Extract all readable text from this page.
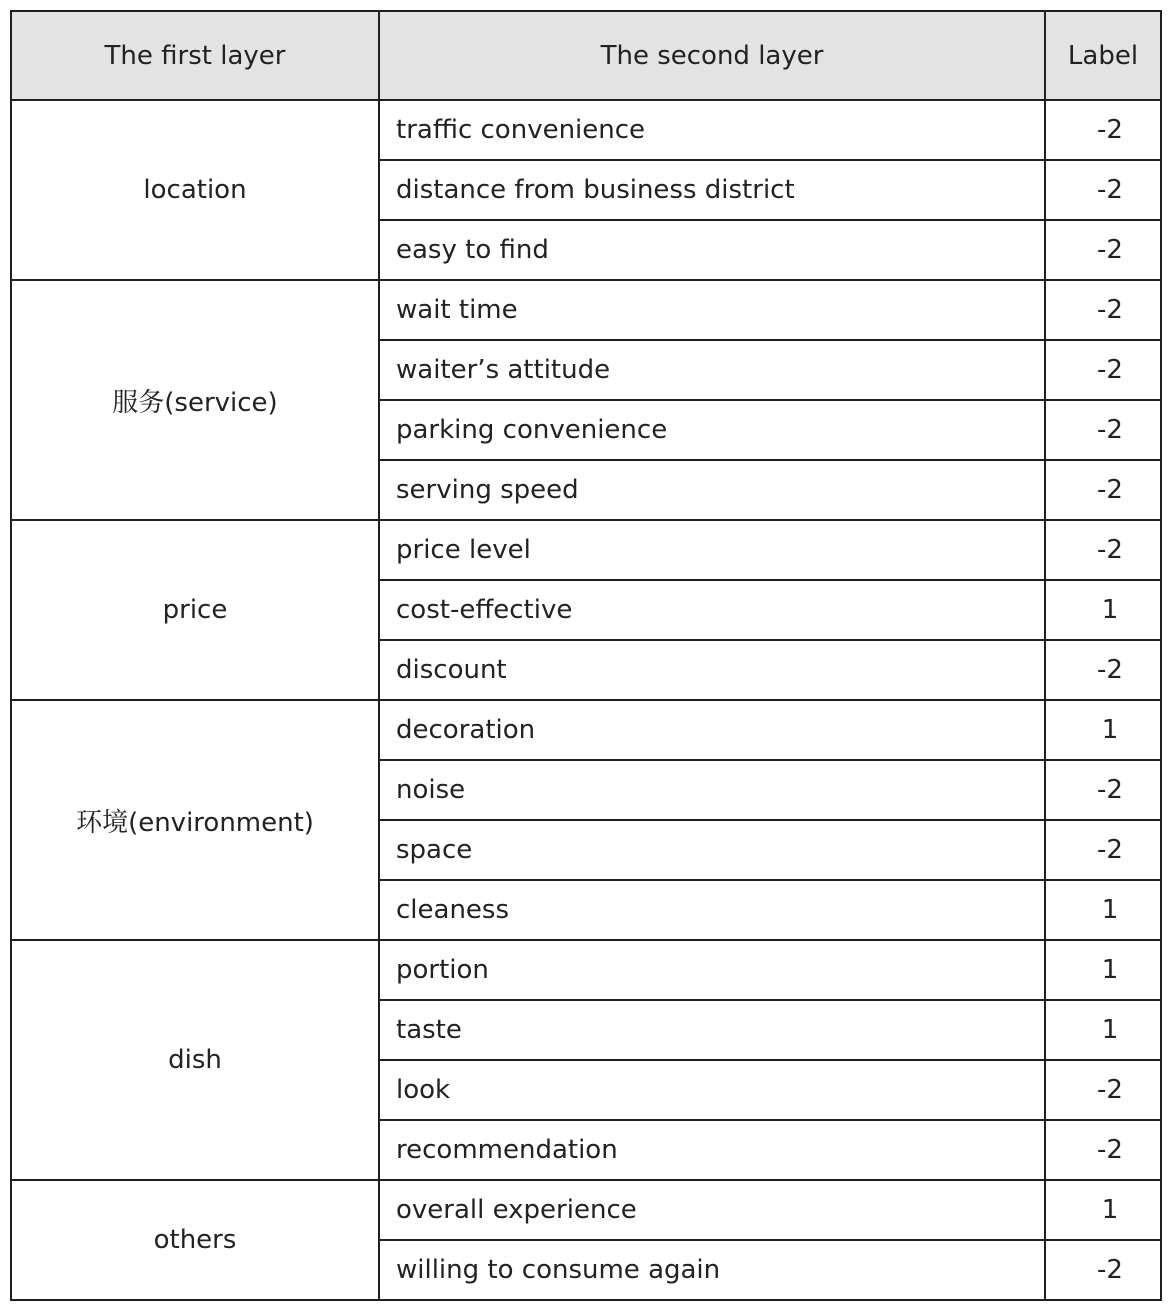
The first layer	The second layer	Label
location	traffic convenience	-2
	distance from business district	-2
	easy to find	-2
服务(service)	wait time	-2
	waiter’s attitude	-2
	parking convenience	-2
	serving speed	-2
price	price level	-2
	cost-effective	1
	discount	-2
环境(environment)	decoration	1
	noise	-2
	space	-2
	cleaness	1
dish	portion	1
	taste	1
	look	-2
	recommendation	-2
others	overall experience	1
	willing to consume again	-2
